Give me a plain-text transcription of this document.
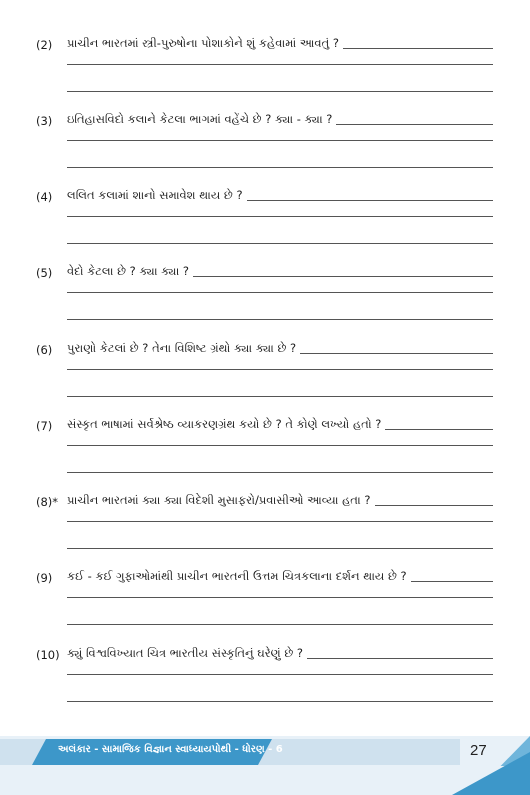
(2) પ્રાચીન ભારતમાં સ્ત્રી-પુરુષોના પોશાકોને શું કહેવામાં આવતું ?
(3) ઇતિહાસવિદો કલાને કેટલા ભાગમાં વહેંચે છે ? ક્યા - ક્યા ?
(4) લલિત કલામાં શાનો સમાવેશ થાય છે ?
(5) વેદો કેટલા છે ? ક્યા ક્યા ?
(6) પુરાણો કેટલાં છે ? તેના વિશિષ્ટ ગ્રંથો ક્યા ક્યા છે ?
(7) સંસ્કૃત ભાષામાં સર્વશ્રેષ્ઠ વ્યાકરણગ્રંથ કયો છે ? તે કોણે લખ્યો હતો ?
(8)* પ્રાચીન ભારતમાં ક્યા ક્યા વિદેશી મુસાફરો/પ્રવાસીઓ આવ્યા હતા ?
(9) કઈ - કઈ ગુફાઓમાંથી પ્રાચીન ભારતની ઉત્તમ ચિત્રકલાના દર્શન થાય છે ?
(10) ક્યું વિશ્વવિખ્યાત ચિત્ર ભારતીય સંસ્કૃતિનું ઘરેણું છે ?
અલંકાર - સામાજિક વિજ્ઞાન સ્વાધ્યાયપોથી - ધોરણ - 6	27
